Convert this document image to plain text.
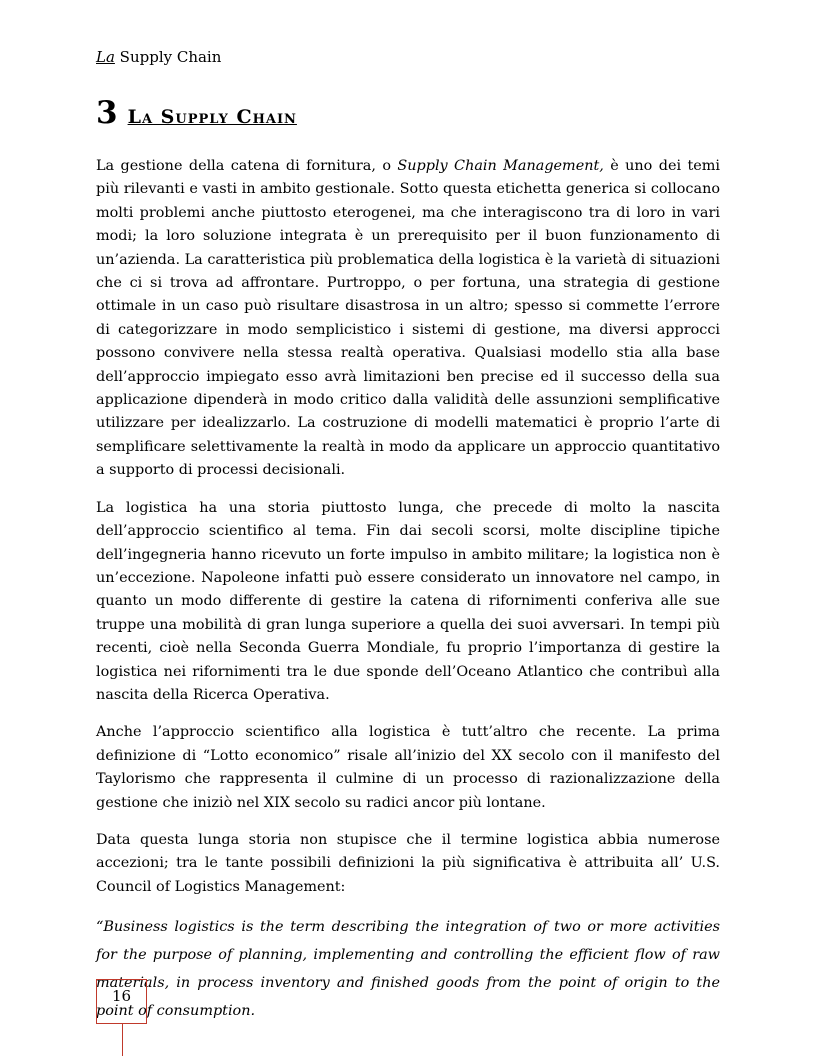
La Supply Chain
3 La Supply Chain

La gestione della catena di fornitura, o Supply Chain Management, è uno dei temi più rilevanti e vasti in ambito gestionale. Sotto questa etichetta generica si collocano molti problemi anche piuttosto eterogenei, ma che interagiscono tra di loro in vari modi; la loro soluzione integrata è un prerequisito per il buon funzionamento di un’azienda. La caratteristica più problematica della logistica è la varietà di situazioni che ci si trova ad affrontare. Purtroppo, o per fortuna, una strategia di gestione ottimale in un caso può risultare disastrosa in un altro; spesso si commette l’errore di categorizzare in modo semplicistico i sistemi di gestione, ma diversi approcci possono convivere nella stessa realtà operativa. Qualsiasi modello stia alla base dell’approccio impiegato esso avrà limitazioni ben precise ed il successo della sua applicazione dipenderà in modo critico dalla validità delle assunzioni semplificative utilizzare per idealizzarlo. La costruzione di modelli matematici è proprio l’arte di semplificare selettivamente la realtà in modo da applicare un approccio quantitativo a supporto di processi decisionali.

La logistica ha una storia piuttosto lunga, che precede di molto la nascita dell’approccio scientifico al tema. Fin dai secoli scorsi, molte discipline tipiche dell’ingegneria hanno ricevuto un forte impulso in ambito militare; la logistica non è un’eccezione. Napoleone infatti può essere considerato un innovatore nel campo, in quanto un modo differente di gestire la catena di rifornimenti conferiva alle sue truppe una mobilità di gran lunga superiore a quella dei suoi avversari. In tempi più recenti, cioè nella Seconda Guerra Mondiale, fu proprio l’importanza di gestire la logistica nei rifornimenti tra le due sponde dell’Oceano Atlantico che contribuì alla nascita della Ricerca Operativa.

Anche l’approccio scientifico alla logistica è tutt’altro che recente. La prima definizione di “Lotto economico” risale all’inizio del XX secolo con il manifesto del Taylorismo che rappresenta il culmine di un processo di razionalizzazione della gestione che iniziò nel XIX secolo su radici ancor più lontane.

Data questa lunga storia non stupisce che il termine logistica abbia numerose accezioni; tra le tante possibili definizioni la più significativa è attribuita all’ U.S. Council of Logistics Management:

“Business logistics is the term describing the integration of two or more activities for the purpose of planning, implementing and controlling the efficient flow of raw materials, in process inventory and finished goods from the point of origin to the point of consumption.

16
